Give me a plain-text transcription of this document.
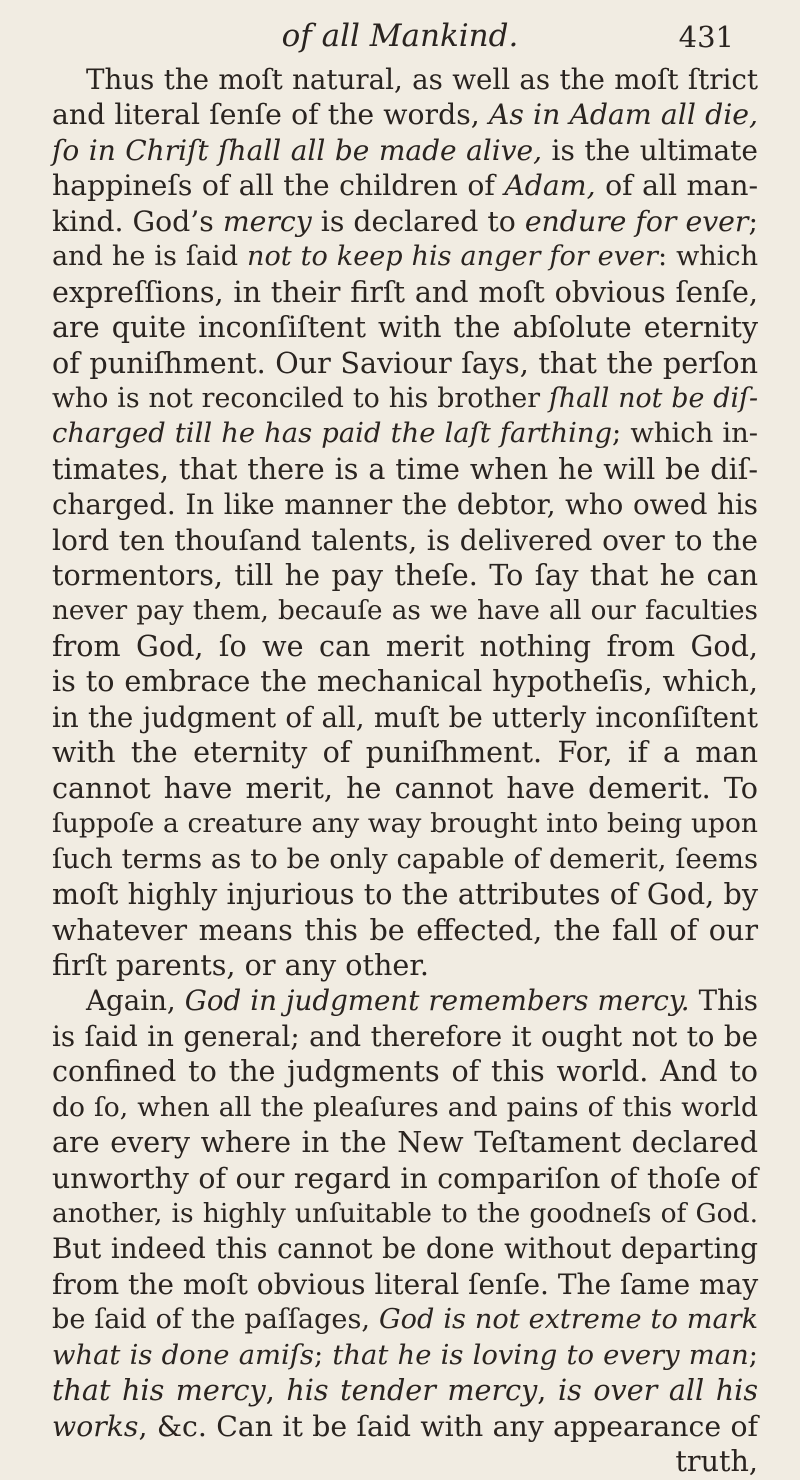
of all Mankind.	431
Thus the moſt natural, as well as the moſt ſtrict
and literal ſenſe of the words, As in Adam all die,
ſo in Chriſt ſhall all be made alive, is the ultimate
happineſs of all the children of Adam, of all man-
kind. God’s mercy is declared to endure for ever;
and he is ſaid not to keep his anger for ever: which
expreſſions, in their firſt and moſt obvious ſenſe,
are quite inconſiſtent with the abſolute eternity
of puniſhment. Our Saviour ſays, that the perſon
who is not reconciled to his brother ſhall not be diſ-
charged till he has paid the laſt farthing; which in-
timates, that there is a time when he will be diſ-
charged. In like manner the debtor, who owed his
lord ten thouſand talents, is delivered over to the
tormentors, till he pay theſe. To ſay that he can
never pay them, becauſe as we have all our faculties
from God, ſo we can merit nothing from God,
is to embrace the mechanical hypotheſis, which,
in the judgment of all, muſt be utterly inconſiſtent
with the eternity of puniſhment. For, if a man
cannot have merit, he cannot have demerit. To
ſuppoſe a creature any way brought into being upon
ſuch terms as to be only capable of demerit, ſeems
moſt highly injurious to the attributes of God, by
whatever means this be effected, the fall of our
firſt parents, or any other.
Again, God in judgment remembers mercy. This
is ſaid in general; and therefore it ought not to be
confined to the judgments of this world. And to
do ſo, when all the pleaſures and pains of this world
are every where in the New Teſtament declared
unworthy of our regard in compariſon of thoſe of
another, is highly unſuitable to the goodneſs of God.
But indeed this cannot be done without departing
from the moſt obvious literal ſenſe. The ſame may
be ſaid of the paſſages, God is not extreme to mark
what is done amiſs; that he is loving to every man;
that his mercy, his tender mercy, is over all his
works, &c. Can it be ſaid with any appearance of
truth,
